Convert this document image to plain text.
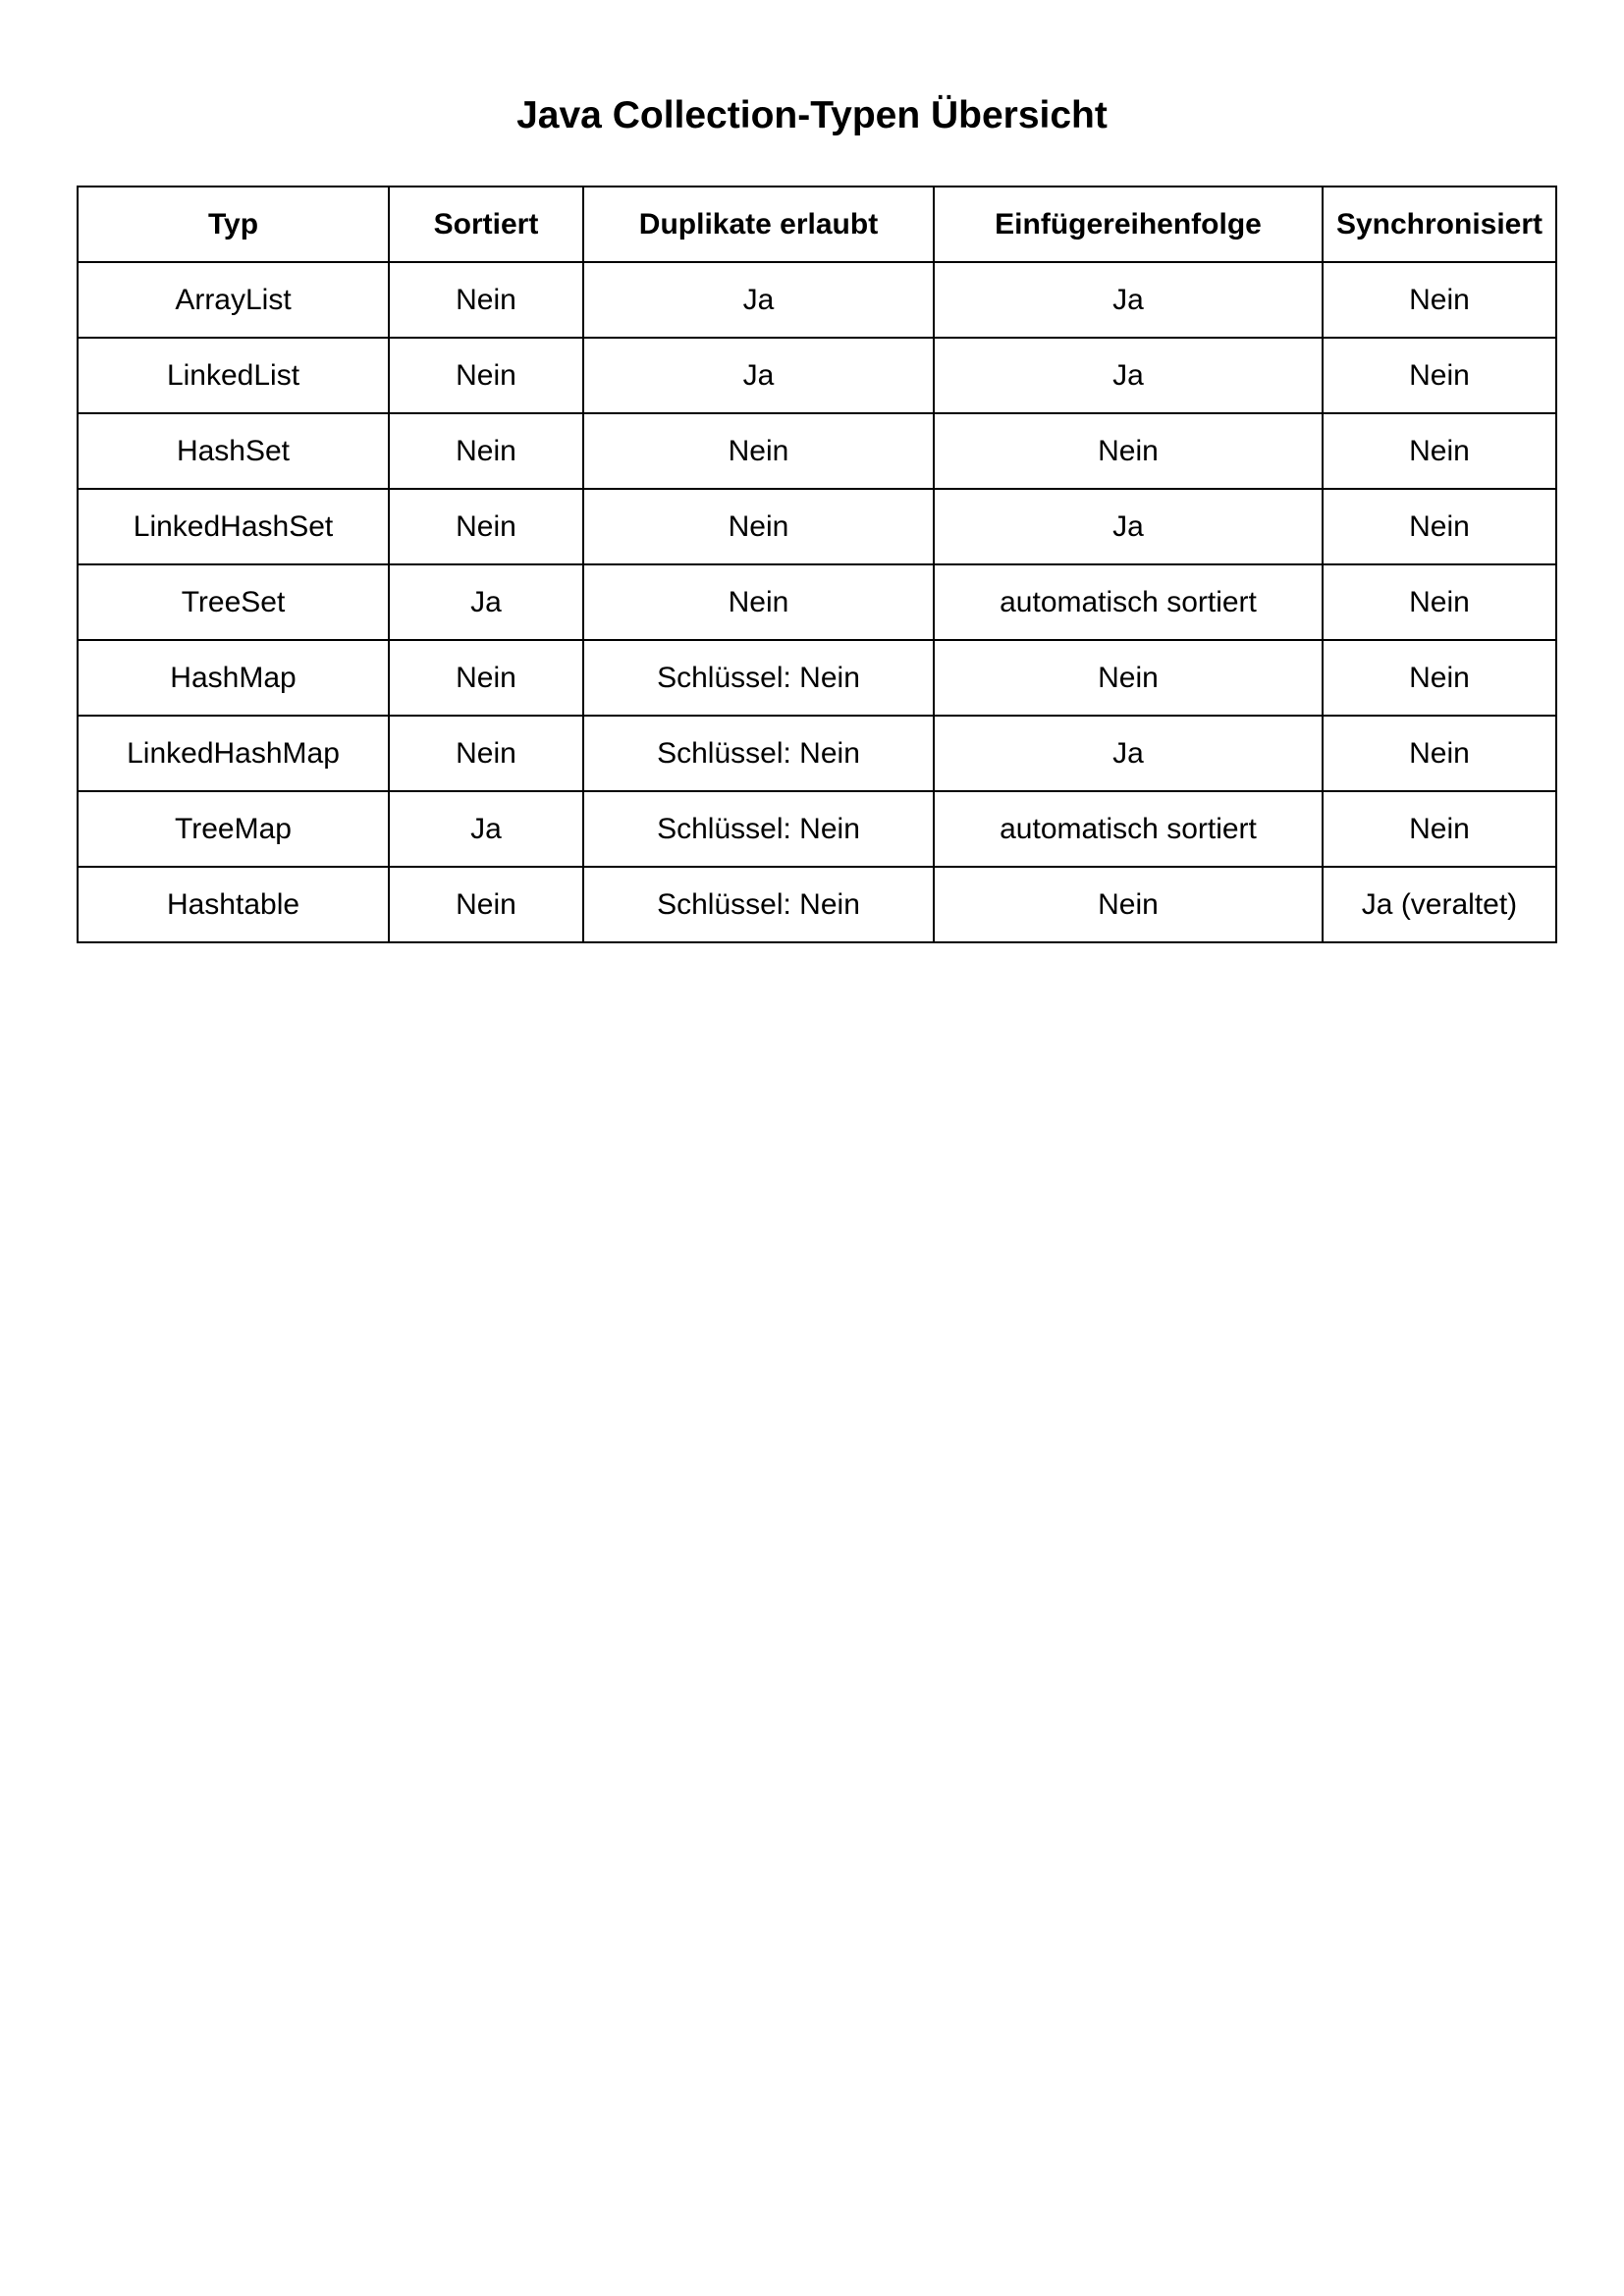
Java Collection-Typen Übersicht
Typ	Sortiert	Duplikate erlaubt	Einfügereihenfolge	Synchronisiert
ArrayList	Nein	Ja	Ja	Nein
LinkedList	Nein	Ja	Ja	Nein
HashSet	Nein	Nein	Nein	Nein
LinkedHashSet	Nein	Nein	Ja	Nein
TreeSet	Ja	Nein	automatisch sortiert	Nein
HashMap	Nein	Schlüssel: Nein	Nein	Nein
LinkedHashMap	Nein	Schlüssel: Nein	Ja	Nein
TreeMap	Ja	Schlüssel: Nein	automatisch sortiert	Nein
Hashtable	Nein	Schlüssel: Nein	Nein	Ja (veraltet)
